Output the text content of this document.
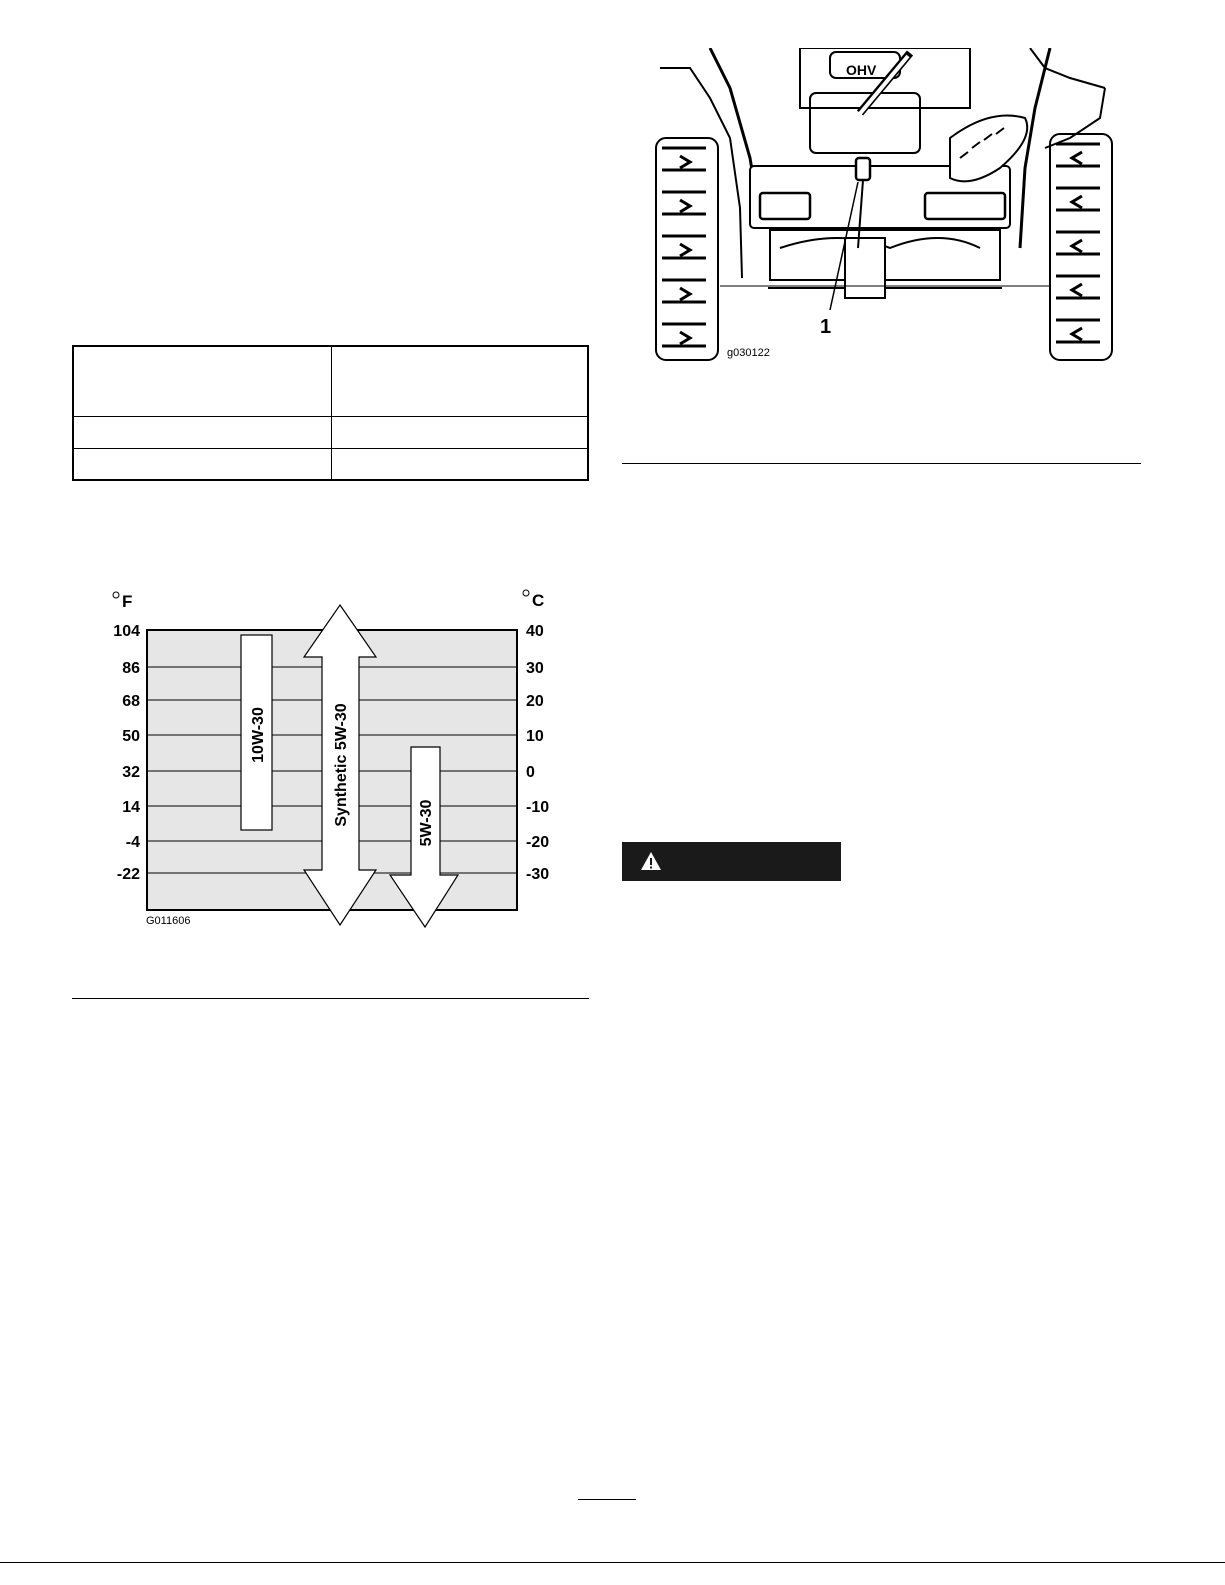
F	C
104
86
68
50
32
14
-4
-22
40
30
20
10
0
-10
-20
-30
10W-30	Synthetic 5W-30	5W-30
G011606
OHV
1
g030122
